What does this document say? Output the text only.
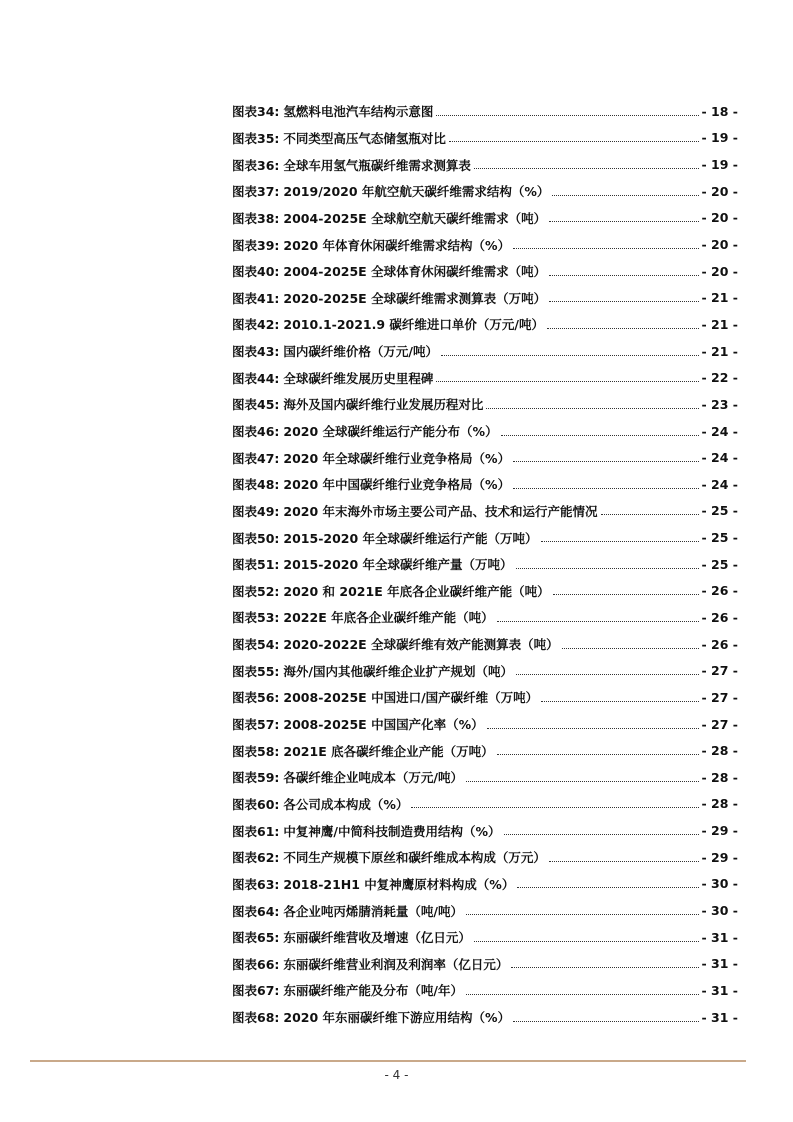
图表34: 氢燃料电池汽车结构示意图	- 18 -
图表35: 不同类型高压气态储氢瓶对比	- 19 -
图表36: 全球车用氢气瓶碳纤维需求测算表	- 19 -
图表37: 2019/2020 年航空航天碳纤维需求结构（%）	- 20 -
图表38: 2004-2025E 全球航空航天碳纤维需求（吨）	- 20 -
图表39: 2020 年体育休闲碳纤维需求结构（%）	- 20 -
图表40: 2004-2025E 全球体育休闲碳纤维需求（吨）	- 20 -
图表41: 2020-2025E 全球碳纤维需求测算表（万吨）	- 21 -
图表42: 2010.1-2021.9 碳纤维进口单价（万元/吨）	- 21 -
图表43: 国内碳纤维价格（万元/吨）	- 21 -
图表44: 全球碳纤维发展历史里程碑	- 22 -
图表45: 海外及国内碳纤维行业发展历程对比	- 23 -
图表46: 2020 全球碳纤维运行产能分布（%）	- 24 -
图表47: 2020 年全球碳纤维行业竞争格局（%）	- 24 -
图表48: 2020 年中国碳纤维行业竞争格局（%）	- 24 -
图表49: 2020 年末海外市场主要公司产品、技术和运行产能情况	- 25 -
图表50: 2015-2020 年全球碳纤维运行产能（万吨）	- 25 -
图表51: 2015-2020 年全球碳纤维产量（万吨）	- 25 -
图表52: 2020 和 2021E 年底各企业碳纤维产能（吨）	- 26 -
图表53: 2022E 年底各企业碳纤维产能（吨）	- 26 -
图表54: 2020-2022E 全球碳纤维有效产能测算表（吨）	- 26 -
图表55: 海外/国内其他碳纤维企业扩产规划（吨）	- 27 -
图表56: 2008-2025E 中国进口/国产碳纤维（万吨）	- 27 -
图表57: 2008-2025E 中国国产化率（%）	- 27 -
图表58: 2021E 底各碳纤维企业产能（万吨）	- 28 -
图表59: 各碳纤维企业吨成本（万元/吨）	- 28 -
图表60: 各公司成本构成（%）	- 28 -
图表61: 中复神鹰/中简科技制造费用结构（%）	- 29 -
图表62: 不同生产规模下原丝和碳纤维成本构成（万元）	- 29 -
图表63: 2018-21H1 中复神鹰原材料构成（%）	- 30 -
图表64: 各企业吨丙烯腈消耗量（吨/吨）	- 30 -
图表65: 东丽碳纤维营收及增速（亿日元）	- 31 -
图表66: 东丽碳纤维营业利润及利润率（亿日元）	- 31 -
图表67: 东丽碳纤维产能及分布（吨/年）	- 31 -
图表68: 2020 年东丽碳纤维下游应用结构（%）	- 31 -
- 4 -
